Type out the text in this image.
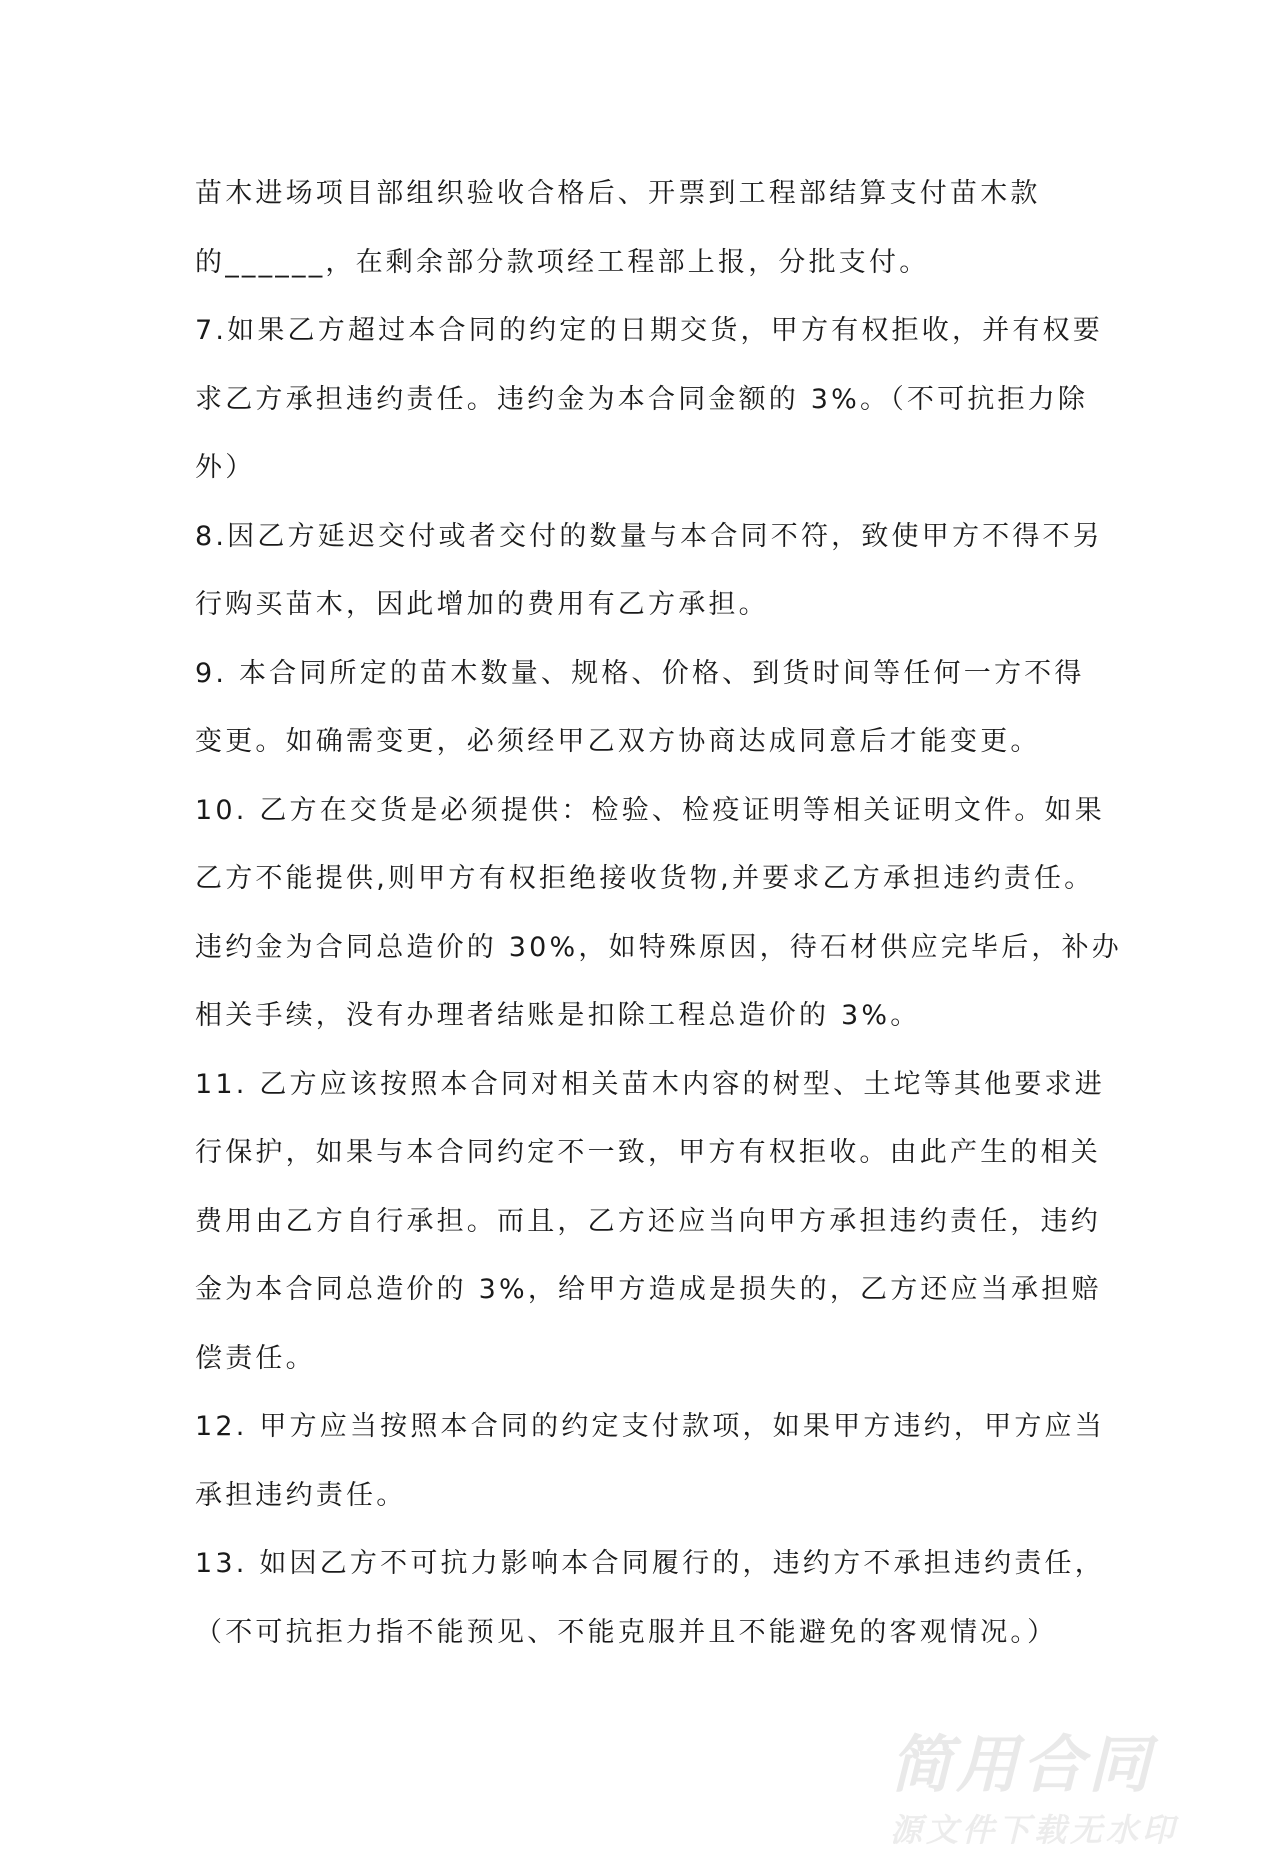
苗木进场项目部组织验收合格后、开票到工程部结算支付苗木款
的______，在剩余部分款项经工程部上报，分批支付。
7.如果乙方超过本合同的约定的日期交货，甲方有权拒收，并有权要
求乙方承担违约责任。违约金为本合同金额的 3%。（不可抗拒力除
外）
8.因乙方延迟交付或者交付的数量与本合同不符，致使甲方不得不另
行购买苗木，因此增加的费用有乙方承担。
9. 本合同所定的苗木数量、规格、价格、到货时间等任何一方不得
变更。如确需变更，必须经甲乙双方协商达成同意后才能变更。
10. 乙方在交货是必须提供：检验、检疫证明等相关证明文件。如果
乙方不能提供,则甲方有权拒绝接收货物,并要求乙方承担违约责任。
违约金为合同总造价的 30%，如特殊原因，待石材供应完毕后，补办
相关手续，没有办理者结账是扣除工程总造价的 3%。
11. 乙方应该按照本合同对相关苗木内容的树型、土坨等其他要求进
行保护，如果与本合同约定不一致，甲方有权拒收。由此产生的相关
费用由乙方自行承担。而且，乙方还应当向甲方承担违约责任，违约
金为本合同总造价的 3%，给甲方造成是损失的，乙方还应当承担赔
偿责任。
12. 甲方应当按照本合同的约定支付款项，如果甲方违约，甲方应当
承担违约责任。
13. 如因乙方不可抗力影响本合同履行的，违约方不承担违约责任，
（不可抗拒力指不能预见、不能克服并且不能避免的客观情况。）
简用合同
源文件下载无水印
